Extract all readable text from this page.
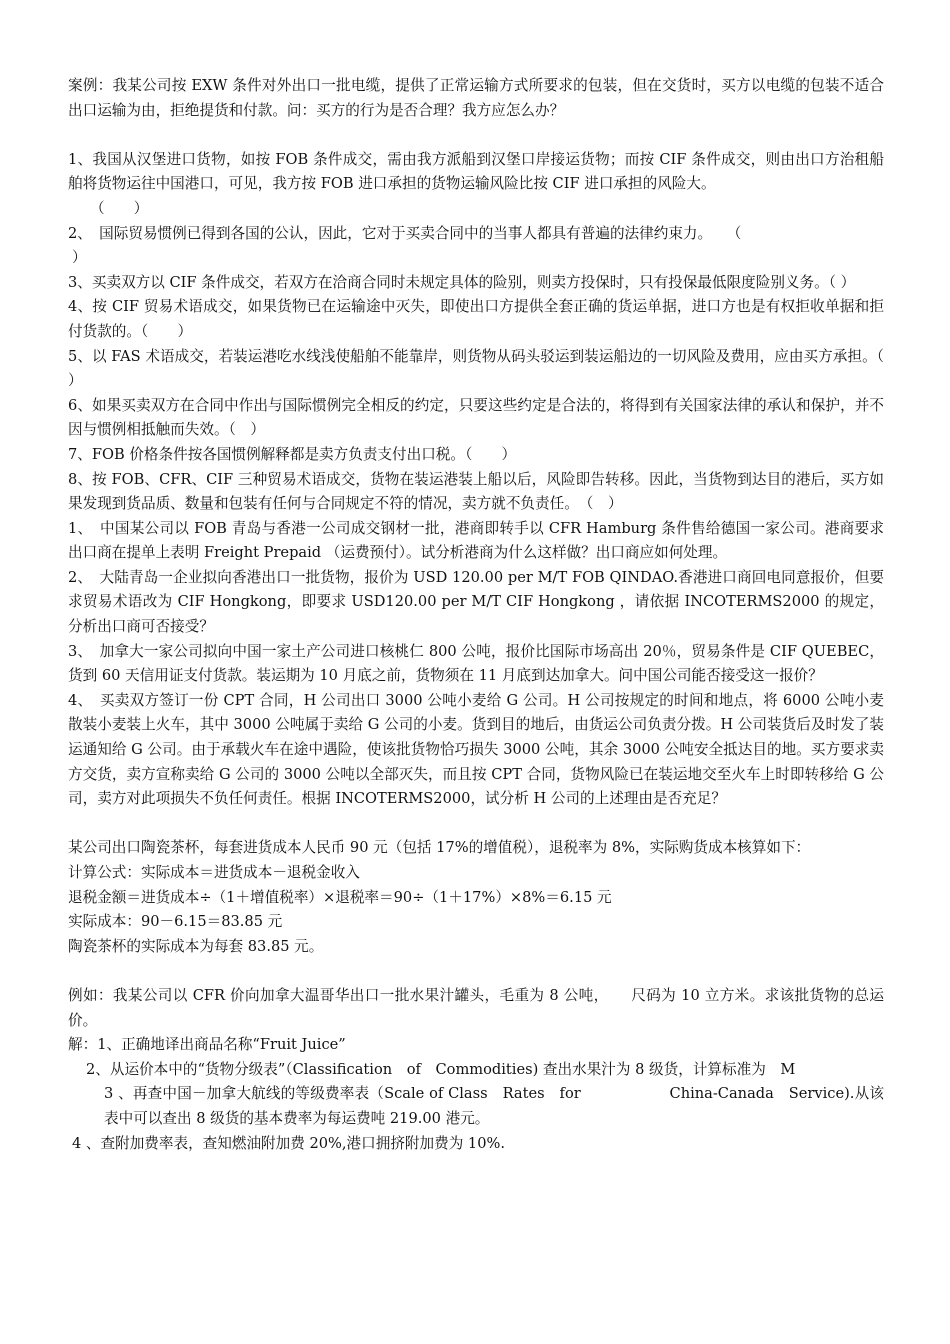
案例：我某公司按 EXW 条件对外出口一批电缆，提供了正常运输方式所要求的包装，但在交货时，买方以电缆的包装不适合出口运输为由，拒绝提货和付款。问：买方的行为是否合理？我方应怎么办？

1、我国从汉堡进口货物，如按 FOB 条件成交，需由我方派船到汉堡口岸接运货物；而按 CIF 条件成交，则由出口方治租船舶将货物运往中国港口，可见，我方按 FOB 进口承担的货物运输风险比按 CIF 进口承担的风险大。

（　　）

2、　国际贸易惯例已得到各国的公认，因此，它对于买卖合同中的当事人都具有普遍的法律约束力。　　（

）

3、买卖双方以 CIF 条件成交，若双方在洽商合同时未规定具体的险别，则卖方投保时，只有投保最低限度险别义务。（ ）

4、按 CIF 贸易术语成交，如果货物已在运输途中灭失，即使出口方提供全套正确的货运单据，进口方也是有权拒收单据和拒付货款的。（　　）

5、以 FAS 术语成交，若装运港吃水线浅使船舶不能靠岸，则货物从码头驳运到装运船边的一切风险及费用，应由买方承担。（　　）

6、如果买卖双方在合同中作出与国际惯例完全相反的约定，只要这些约定是合法的，将得到有关国家法律的承认和保护，并不因与惯例相抵触而失效。（　）

7、FOB 价格条件按各国惯例解释都是卖方负责支付出口税。（　　）

8、按 FOB、CFR、CIF 三种贸易术语成交，货物在装运港装上船以后，风险即告转移。因此，当货物到达目的港后，买方如果发现到货品质、数量和包装有任何与合同规定不符的情况，卖方就不负责任。　（　）

1、　中国某公司以 FOB 青岛与香港一公司成交钢材一批，港商即转手以 CFR Hamburg 条件售给德国一家公司。港商要求出口商在提单上表明 Freight Prepaid （运费预付）。试分析港商为什么这样做？出口商应如何处理。

2、　大陆青岛一企业拟向香港出口一批货物，报价为 USD 120.00 per M/T FOB QINDAO.香港进口商回电同意报价，但要求贸易术语改为 CIF Hongkong，即要求 USD120.00 per M/T CIF Hongkong ，请依据 INCOTERMS2000 的规定，分析出口商可否接受？

3、　加拿大一家公司拟向中国一家土产公司进口核桃仁 800 公吨，报价比国际市场高出 20％，贸易条件是 CIF QUEBEC，货到 60 天信用证支付货款。装运期为 10 月底之前，货物须在 11 月底到达加拿大。问中国公司能否接受这一报价？

4、　买卖双方签订一份 CPT 合同，H 公司出口 3000 公吨小麦给 G 公司。H 公司按规定的时间和地点，将 6000 公吨小麦散装小麦装上火车，其中 3000 公吨属于卖给 G 公司的小麦。货到目的地后，由货运公司负责分拨。H 公司装货后及时发了装运通知给 G 公司。由于承载火车在途中遇险，使该批货物恰巧损失 3000 公吨，其余 3000 公吨安全抵达目的地。买方要求卖方交货，卖方宣称卖给 G 公司的 3000 公吨以全部灭失，而且按 CPT 合同，货物风险已在装运地交至火车上时即转移给 G 公司，卖方对此项损失不负任何责任。根据 INCOTERMS2000，试分析 H 公司的上述理由是否充足？

某公司出口陶瓷茶杯，每套进货成本人民币 90 元（包括 17%的增值税），退税率为 8%，实际购货成本核算如下：

计算公式：实际成本＝进货成本－退税金收入

退税金额＝进货成本÷（1＋增值税率）×退税率＝90÷（1＋17%）×8%＝6.15 元

实际成本：90－6.15＝83.85 元

陶瓷茶杯的实际成本为每套 83.85 元。

例如：我某公司以 CFR 价向加拿大温哥华出口一批水果汁罐头，毛重为 8 公吨，　　尺码为 10 立方米。求该批货物的总运价。

解：1、正确地译出商品名称“Fruit Juice”

2、从运价本中的“货物分级表”（Classification　of　Commodities) 查出水果汁为 8 级货，计算标准为　M

3 、再查中国－加拿大航线的等级费率表（Scale of Class　Rates　for　　　　　　China-Canada　Service).从该表中可以查出 8 级货的基本费率为每运费吨 219.00 港元。

4 、查附加费率表，查知燃油附加费 20%,港口拥挤附加费为 10%.
